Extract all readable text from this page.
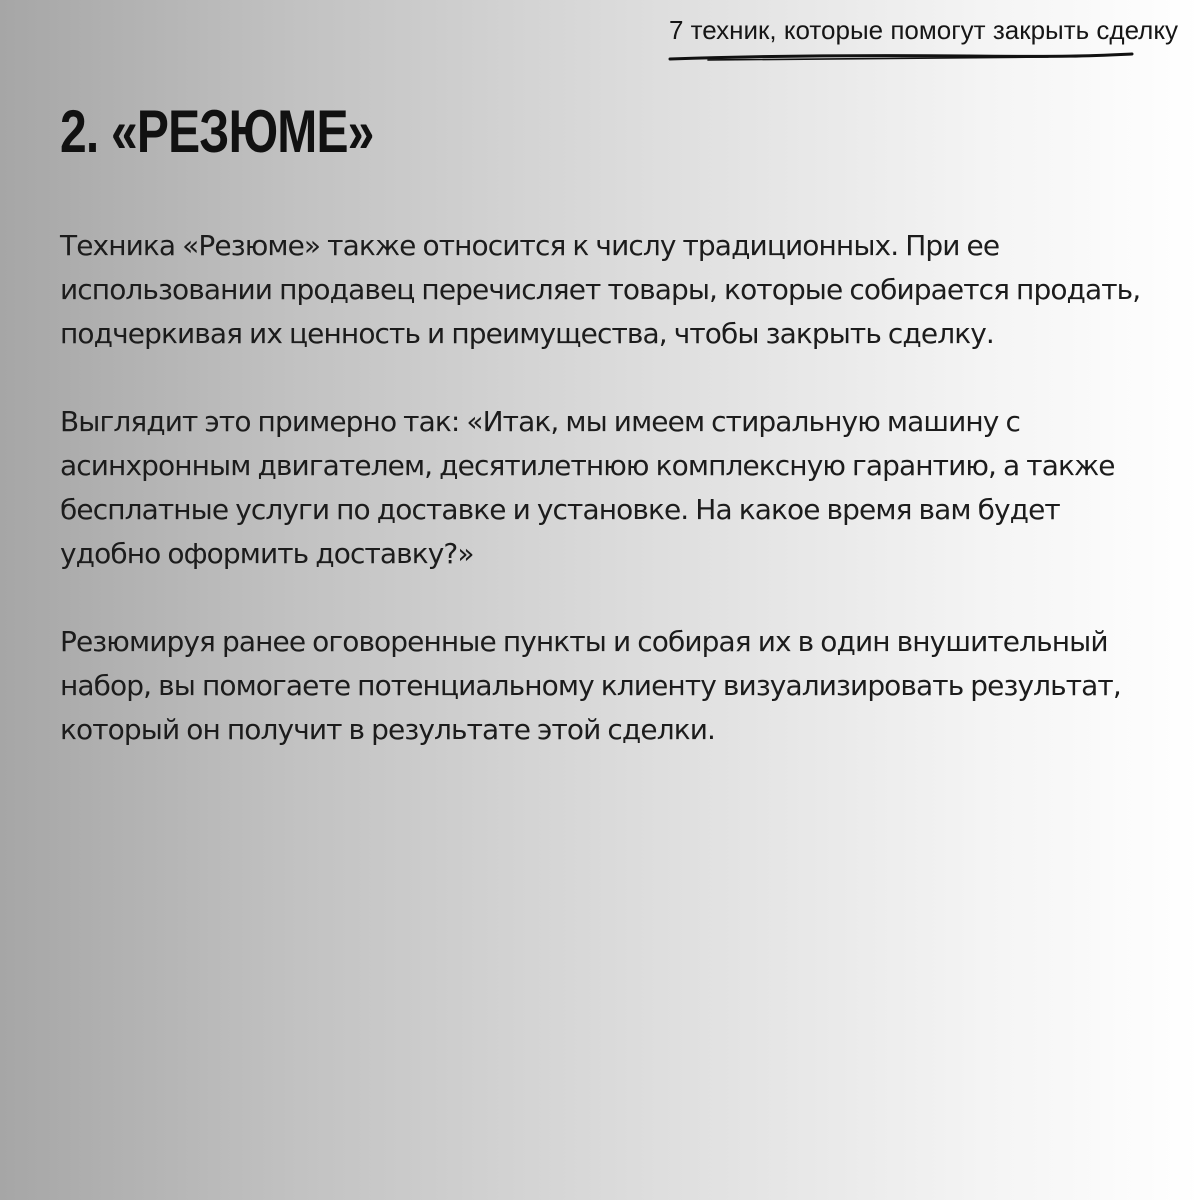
7 техник, которые помогут закрыть сделку
2. «РЕЗЮМЕ»

Техника «Резюме» также относится к числу традиционных. При ее использовании продавец перечисляет товары, которые собирается продать, подчеркивая их ценность и преимущества, чтобы закрыть сделку.

Выглядит это примерно так: «Итак, мы имеем стиральную машину с асинхронным двигателем, десятилетнюю комплексную гарантию, а также бесплатные услуги по доставке и установке. На какое время вам будет удобно оформить доставку?»

Резюмируя ранее оговоренные пункты и собирая их в один внушительный набор, вы помогаете потенциальному клиенту визуализировать результат, который он получит в результате этой сделки.
